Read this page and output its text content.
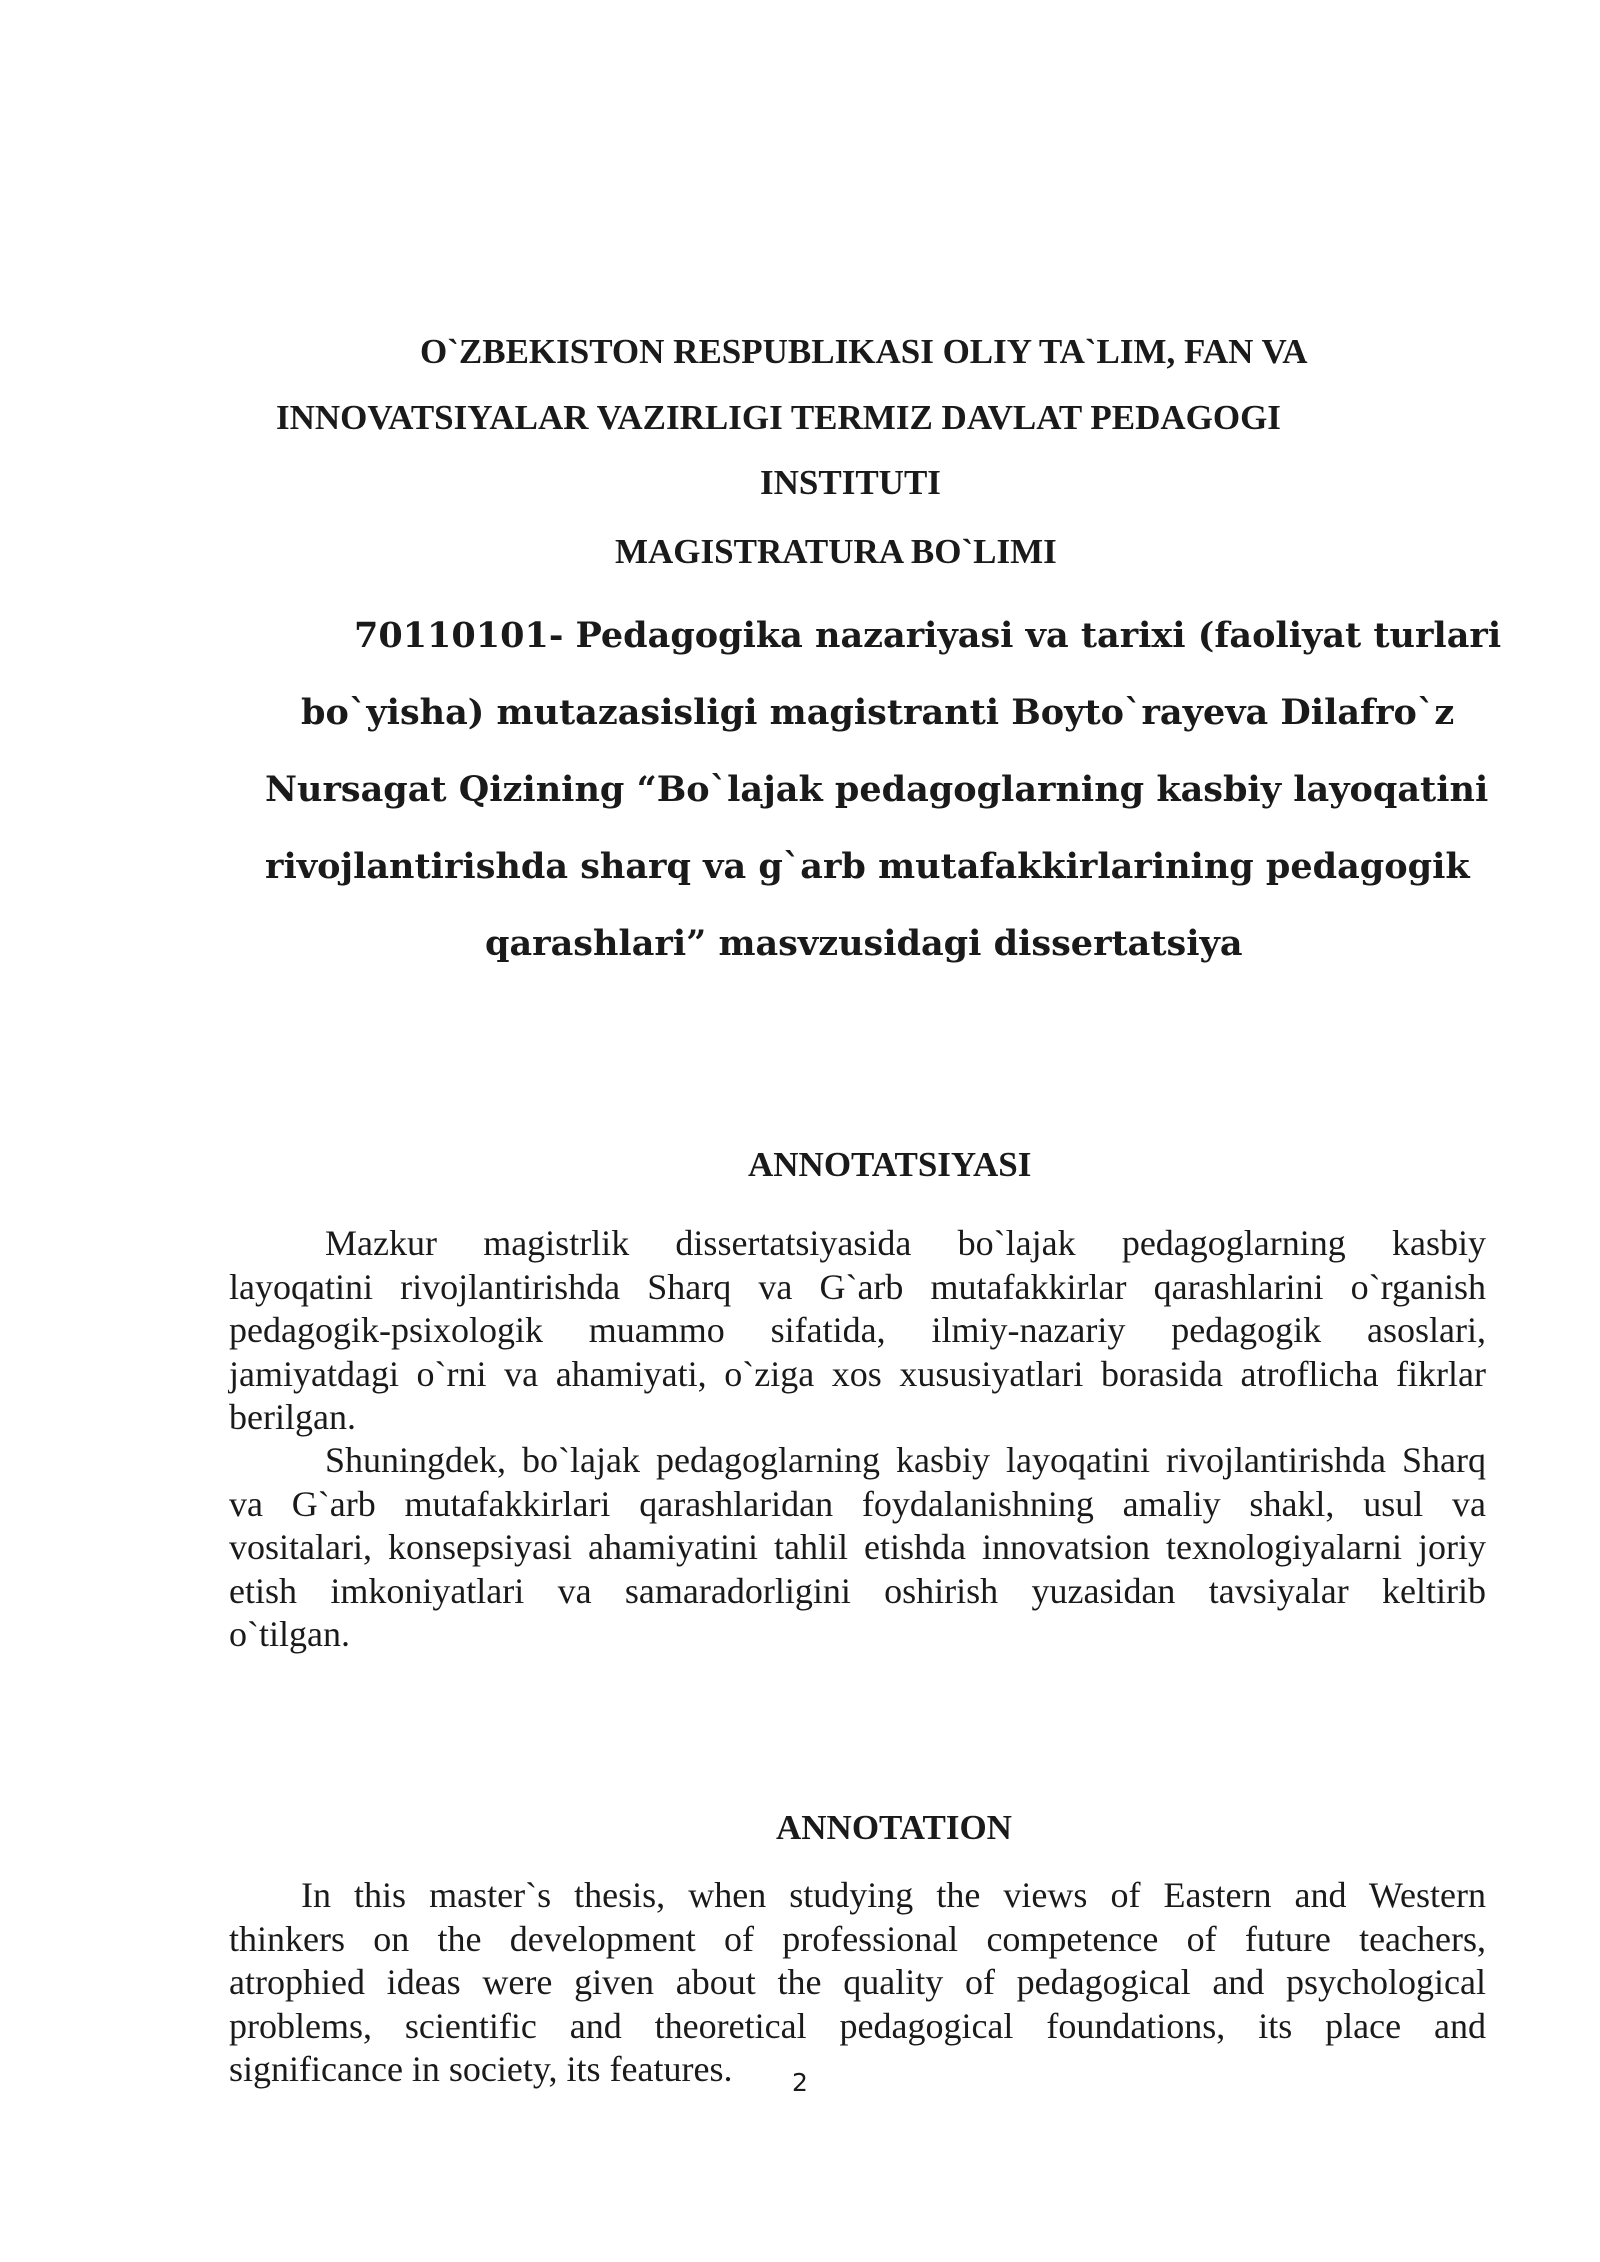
O`ZBEKISTON RESPUBLIKASI OLIY TA`LIM, FAN VA
INNOVATSIYALAR VAZIRLIGI TERMIZ DAVLAT PEDAGOGI
INSTITUTI
MAGISTRATURA BO`LIMI
70110101- Pedagogika nazariyasi va tarixi (faoliyat turlari
bo`yisha) mutazasisligi magistranti Boyto`rayeva Dilafro`z
Nursagat Qizining “Bo`lajak pedagoglarning kasbiy layoqatini
rivojlantirishda sharq va g`arb mutafakkirlarining pedagogik
qarashlari” masvzusidagi dissertatsiya
ANNOTATSIYASI
Mazkur magistrlik dissertatsiyasida bo`lajak pedagoglarning kasbiy
layoqatini rivojlantirishda Sharq va G`arb mutafakkirlar qarashlarini o`rganish
pedagogik-psixologik muammo sifatida, ilmiy-nazariy pedagogik asoslari,
jamiyatdagi o`rni va ahamiyati, o`ziga xos xususiyatlari borasida atroflicha fikrlar
berilgan.
Shuningdek, bo`lajak pedagoglarning kasbiy layoqatini rivojlantirishda Sharq
va G`arb mutafakkirlari qarashlaridan foydalanishning amaliy shakl, usul va
vositalari, konsepsiyasi ahamiyatini tahlil etishda innovatsion texnologiyalarni joriy
etish imkoniyatlari va samaradorligini oshirish yuzasidan tavsiyalar keltirib
o`tilgan.
ANNOTATION
In this master`s thesis, when studying the views of Eastern and Western
thinkers on the development of professional competence of future teachers,
atrophied ideas were given about the quality of pedagogical and psychological
problems, scientific and theoretical pedagogical foundations, its place and
significance in society, its features.	2
